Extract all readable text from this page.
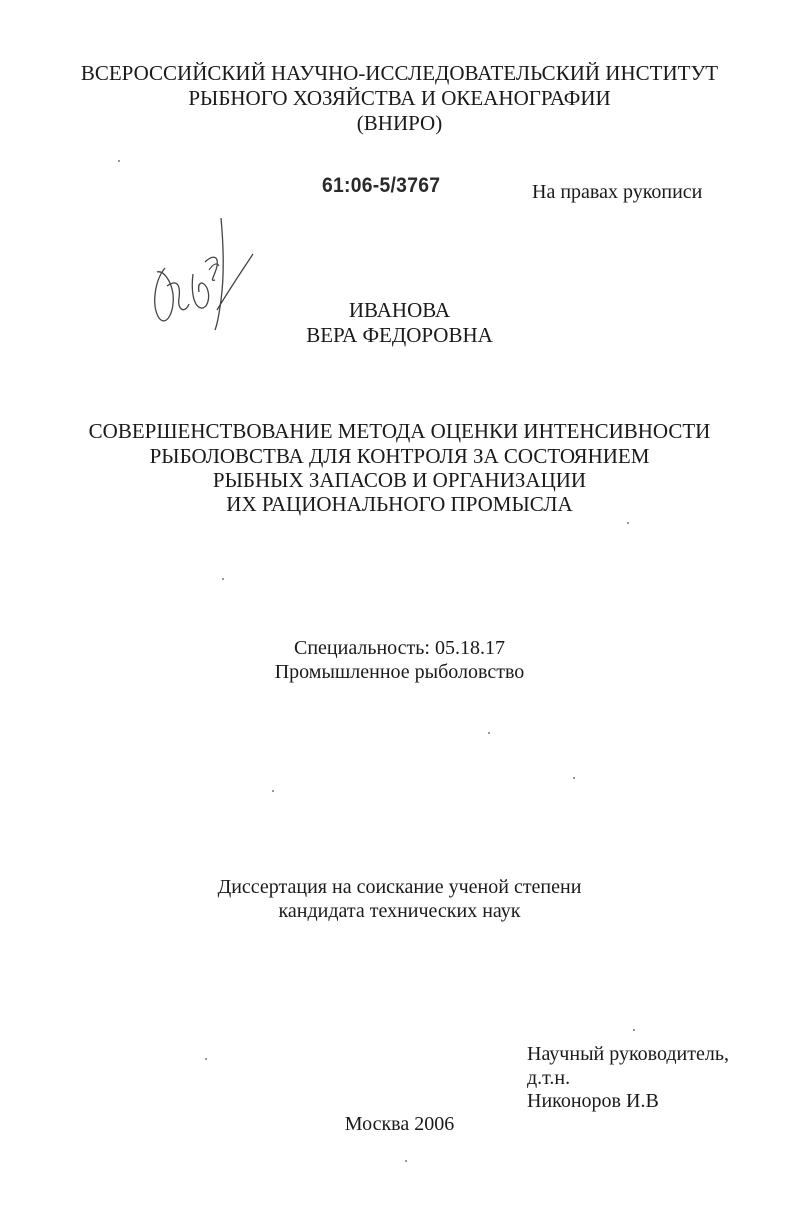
ВСЕРОССИЙСКИЙ НАУЧНО-ИССЛЕДОВАТЕЛЬСКИЙ ИНСТИТУТ
РЫБНОГО ХОЗЯЙСТВА И ОКЕАНОГРАФИИ
(ВНИРО)
61:06-5/3767	На правах рукописи
ИВАНОВА
ВЕРА ФЕДОРОВНА
СОВЕРШЕНСТВОВАНИЕ МЕТОДА ОЦЕНКИ ИНТЕНСИВНОСТИ
РЫБОЛОВСТВА ДЛЯ КОНТРОЛЯ ЗА СОСТОЯНИЕМ
РЫБНЫХ ЗАПАСОВ И ОРГАНИЗАЦИИ
ИХ РАЦИОНАЛЬНОГО ПРОМЫСЛА
Специальность: 05.18.17
Промышленное рыболовство
Диссертация на соискание ученой степени
кандидата технических наук
Научный руководитель,
д.т.н.
Никоноров И.В
Москва 2006
